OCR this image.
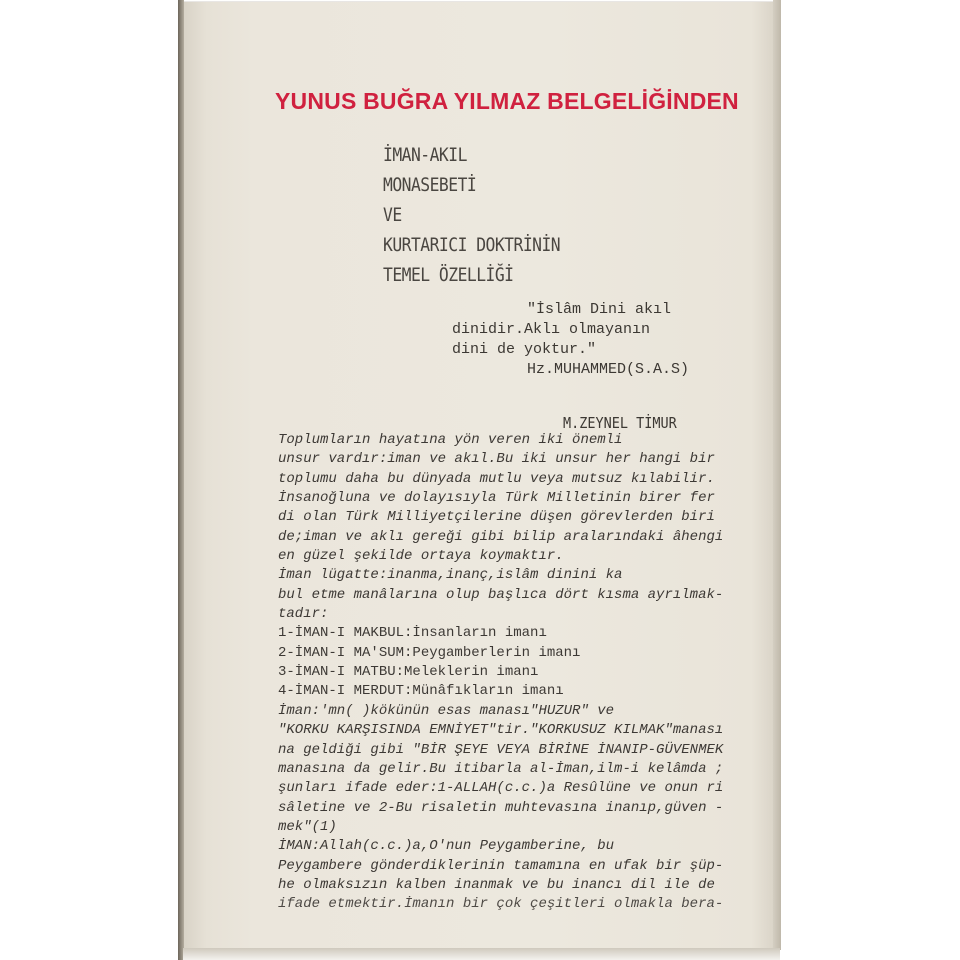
YUNUS BUĞRA YILMAZ BELGELİĞİNDEN
İMAN-AKIL
MONASEBETİ
VE
KURTARICI DOKTRİNİN
TEMEL ÖZELLİĞİ
"İslâm Dini akıl
dinidir.Aklı olmayanın
dini de yoktur."
Hz.MUHAMMED(S.A.S)
M.ZEYNEL TİMUR
Toplumların hayatına yön veren iki önemli
unsur vardır:iman ve akıl.Bu iki unsur her hangi bir
toplumu daha bu dünyada mutlu veya mutsuz kılabilir.
İnsanoğluna ve dolayısıyla Türk Milletinin birer fer
di olan Türk Milliyetçilerine düşen görevlerden biri
de;iman ve aklı gereği gibi bilip aralarındaki âhengi
en güzel şekilde ortaya koymaktır.
İman lügatte:inanma,inanç,islâm dinini ka
bul etme manâlarına olup başlıca dört kısma ayrılmak-
tadır:
1-İMAN-I MAKBUL:İnsanların imanı
2-İMAN-I MA'SUM:Peygamberlerin imanı
3-İMAN-I MATBU:Meleklerin imanı
4-İMAN-I MERDUT:Münâfıkların imanı
İman:'mn( )kökünün esas manası"HUZUR" ve
"KORKU KARŞISINDA EMNİYET"tir."KORKUSUZ KILMAK"manası
na geldiği gibi "BİR ŞEYE VEYA BİRİNE İNANIP-GÜVENMEK
manasına da gelir.Bu itibarla al-İman,ilm-i kelâmda ;
şunları ifade eder:1-ALLAH(c.c.)a Resûlüne ve onun ri
sâletine ve 2-Bu risaletin muhtevasına inanıp,güven -
mek"(1)
İMAN:Allah(c.c.)a,O'nun Peygamberine, bu
Peygambere gönderdiklerinin tamamına en ufak bir şüp-
he olmaksızın kalben inanmak ve bu inancı dil ile de
ifade etmektir.İmanın bir çok çeşitleri olmakla bera-
